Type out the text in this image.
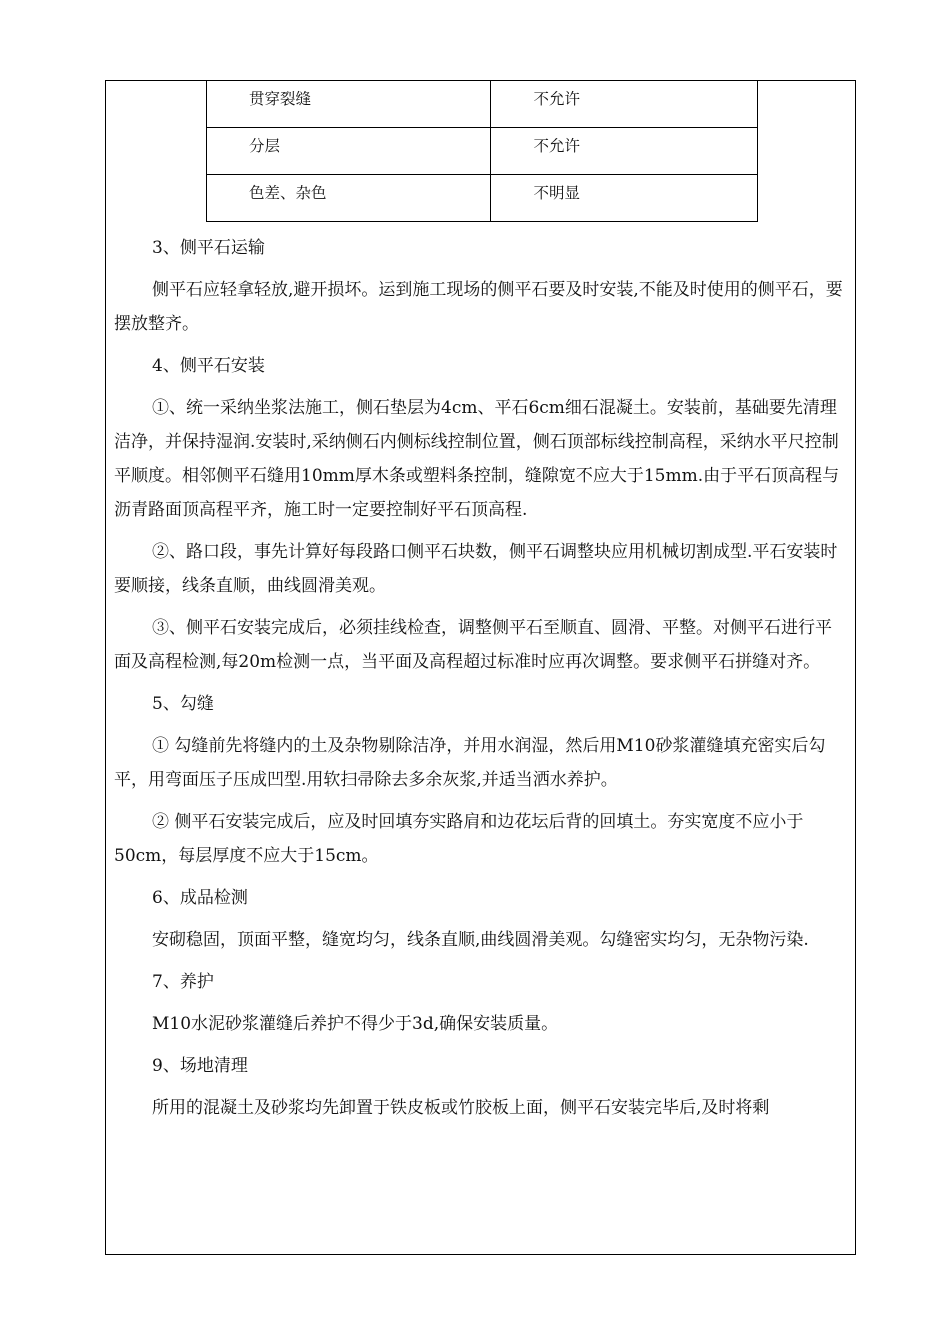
贯穿裂缝	不允许
分层	不允许
色差、杂色	不明显

3、侧平石运输

侧平石应轻拿轻放,避开损坏。运到施工现场的侧平石要及时安装,不能及时使用的侧平石，要摆放整齐。

4、侧平石安装

①、统一采纳坐浆法施工，侧石垫层为4cm、平石6cm细石混凝土。安装前，基础要先清理洁净，并保持湿润.安装时,采纳侧石内侧标线控制位置，侧石顶部标线控制高程，采纳水平尺控制平顺度。相邻侧平石缝用10mm厚木条或塑料条控制，缝隙宽不应大于15mm.由于平石顶高程与沥青路面顶高程平齐，施工时一定要控制好平石顶高程.

②、路口段，事先计算好每段路口侧平石块数，侧平石调整块应用机械切割成型.平石安装时要顺接，线条直顺，曲线圆滑美观。

③、侧平石安装完成后，必须挂线检查，调整侧平石至顺直、圆滑、平整。对侧平石进行平面及高程检测,每20m检测一点，当平面及高程超过标准时应再次调整。要求侧平石拼缝对齐。

5、勾缝

① 勾缝前先将缝内的土及杂物剔除洁净，并用水润湿，然后用M10砂浆灌缝填充密实后勾平，用弯面压子压成凹型.用软扫帚除去多余灰浆,并适当洒水养护。

② 侧平石安装完成后，应及时回填夯实路肩和边花坛后背的回填土。夯实宽度不应小于50cm，每层厚度不应大于15cm。

6、成品检测

安砌稳固，顶面平整，缝宽均匀，线条直顺,曲线圆滑美观。勾缝密实均匀，无杂物污染.

7、养护

M10水泥砂浆灌缝后养护不得少于3d,确保安装质量。

9、场地清理

所用的混凝土及砂浆均先卸置于铁皮板或竹胶板上面，侧平石安装完毕后,及时将剩
